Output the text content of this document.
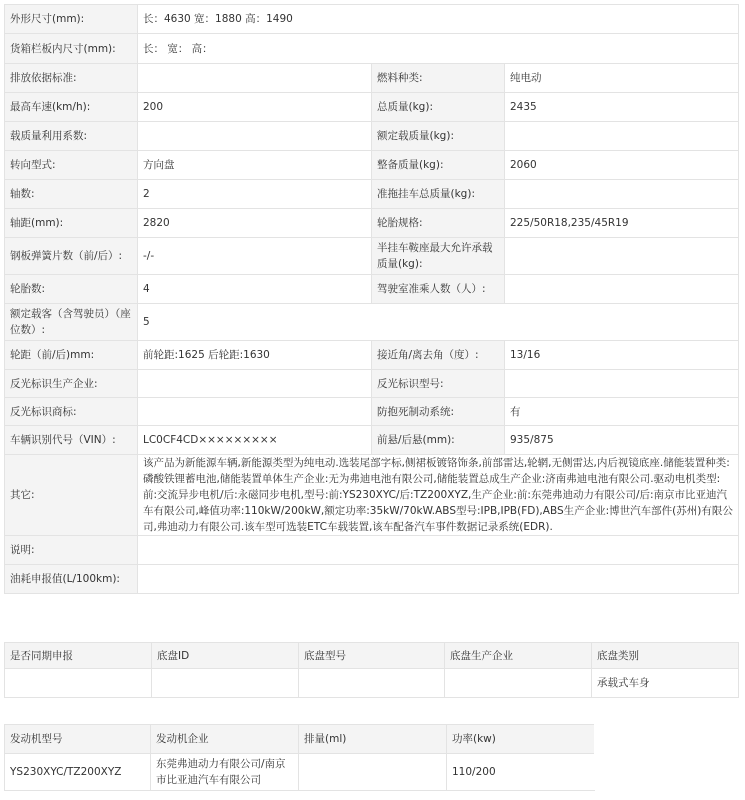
外形尺寸(mm):	长：4630 宽：1880 高：1490		
货箱栏板内尺寸(mm):	长： 宽： 高：		
排放依据标准:		燃料种类:	纯电动
最高车速(km/h):	200	总质量(kg):	2435
载质量利用系数:		额定载质量(kg):	
转向型式:	方向盘	整备质量(kg):	2060
轴数:	2	准拖挂车总质量(kg):	
轴距(mm):	2820	轮胎规格:	225/50R18,235/45R19
钢板弹簧片数（前/后）:	-/-	半挂车鞍座最大允许承载质量(kg):	
轮胎数:	4	驾驶室准乘人数（人）:	
额定载客（含驾驶员）（座位数）:	5		
轮距（前/后)mm:	前轮距:1625 后轮距:1630	接近角/离去角（度）:	13/16
反光标识生产企业:		反光标识型号:	
反光标识商标:		防抱死制动系统:	有
车辆识别代号（VIN）:	LC0CF4CD×××××××××	前悬/后悬(mm):	935/875
其它:	该产品为新能源车辆,新能源类型为纯电动.选装尾部字标,侧裙板镀铬饰条,前部雷达,轮辋,无侧雷达,内后视镜底座.储能装置种类:磷酸铁锂蓄电池,储能装置单体生产企业:无为弗迪电池有限公司,储能装置总成生产企业:济南弗迪电池有限公司.驱动电机类型:前:交流异步电机/后:永磁同步电机,型号:前:YS230XYC/后:TZ200XYZ,生产企业:前:东莞弗迪动力有限公司/后:南京市比亚迪汽车有限公司,峰值功率:110kW/200kW,额定功率:35kW/70kW.ABS型号:IPB,IPB(FD),ABS生产企业:博世汽车部件(苏州)有限公司,弗迪动力有限公司.该车型可选装ETC车载装置,该车配备汽车事件数据记录系统(EDR).		
说明:			
油耗申报值(L/100km):			
是否同期申报	底盘ID	底盘型号	底盘生产企业	底盘类别
				承载式车身
发动机型号	发动机企业	排量(ml)	功率(kw)
YS230XYC/TZ200XYZ	东莞弗迪动力有限公司/南京市比亚迪汽车有限公司		110/200
